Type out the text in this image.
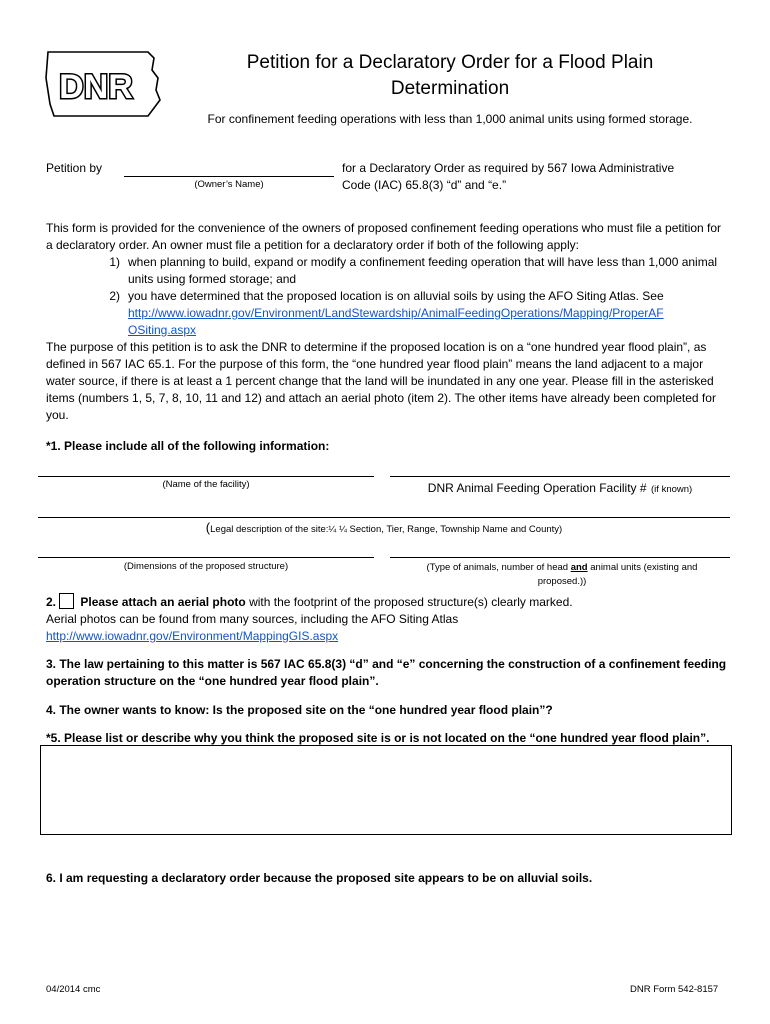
DNR
Petition for a Declaratory Order for a Flood Plain Determination
For confinement feeding operations with less than 1,000 animal units using formed storage.
Petition by
(Owner’s Name)
for a Declaratory Order as required by 567 Iowa Administrative
Code (IAC) 65.8(3) “d” and “e.”
This form is provided for the convenience of the owners of proposed confinement feeding operations who must file a petition for a declaratory order. An owner must file a petition for a declaratory order if both of the following apply:
1) when planning to build, expand or modify a confinement feeding operation that will have less than 1,000 animal units using formed storage; and
2) you have determined that the proposed location is on alluvial soils by using the AFO Siting Atlas. See
http://www.iowadnr.gov/Environment/LandStewardship/AnimalFeedingOperations/Mapping/ProperAF
OSiting.aspx
The purpose of this petition is to ask the DNR to determine if the proposed location is on a “one hundred year flood plain”, as defined in 567 IAC 65.1. For the purpose of this form, the “one hundred year flood plain” means the land adjacent to a major water source, if there is at least a 1 percent change that the land will be inundated in any one year. Please fill in the asterisked items (numbers 1, 5, 7, 8, 10, 11 and 12) and attach an aerial photo (item 2). The other items have already been completed for you.
*1. Please include all of the following information:
(Name of the facility)	DNR Animal Feeding Operation Facility # (if known)
(Legal description of the site:¼ ¼ Section, Tier, Range, Township Name and County)
(Dimensions of the proposed structure)	(Type of animals, number of head and animal units (existing and proposed.))
2. Please attach an aerial photo with the footprint of the proposed structure(s) clearly marked.
Aerial photos can be found from many sources, including the AFO Siting Atlas
http://www.iowadnr.gov/Environment/MappingGIS.aspx
3. The law pertaining to this matter is 567 IAC 65.8(3) “d” and “e” concerning the construction of a confinement feeding operation structure on the “one hundred year flood plain”.
4. The owner wants to know: Is the proposed site on the “one hundred year flood plain”?
*5. Please list or describe why you think the proposed site is or is not located on the “one hundred year flood plain”.
6. I am requesting a declaratory order because the proposed site appears to be on alluvial soils.
04/2014 cmc	DNR Form 542-8157
